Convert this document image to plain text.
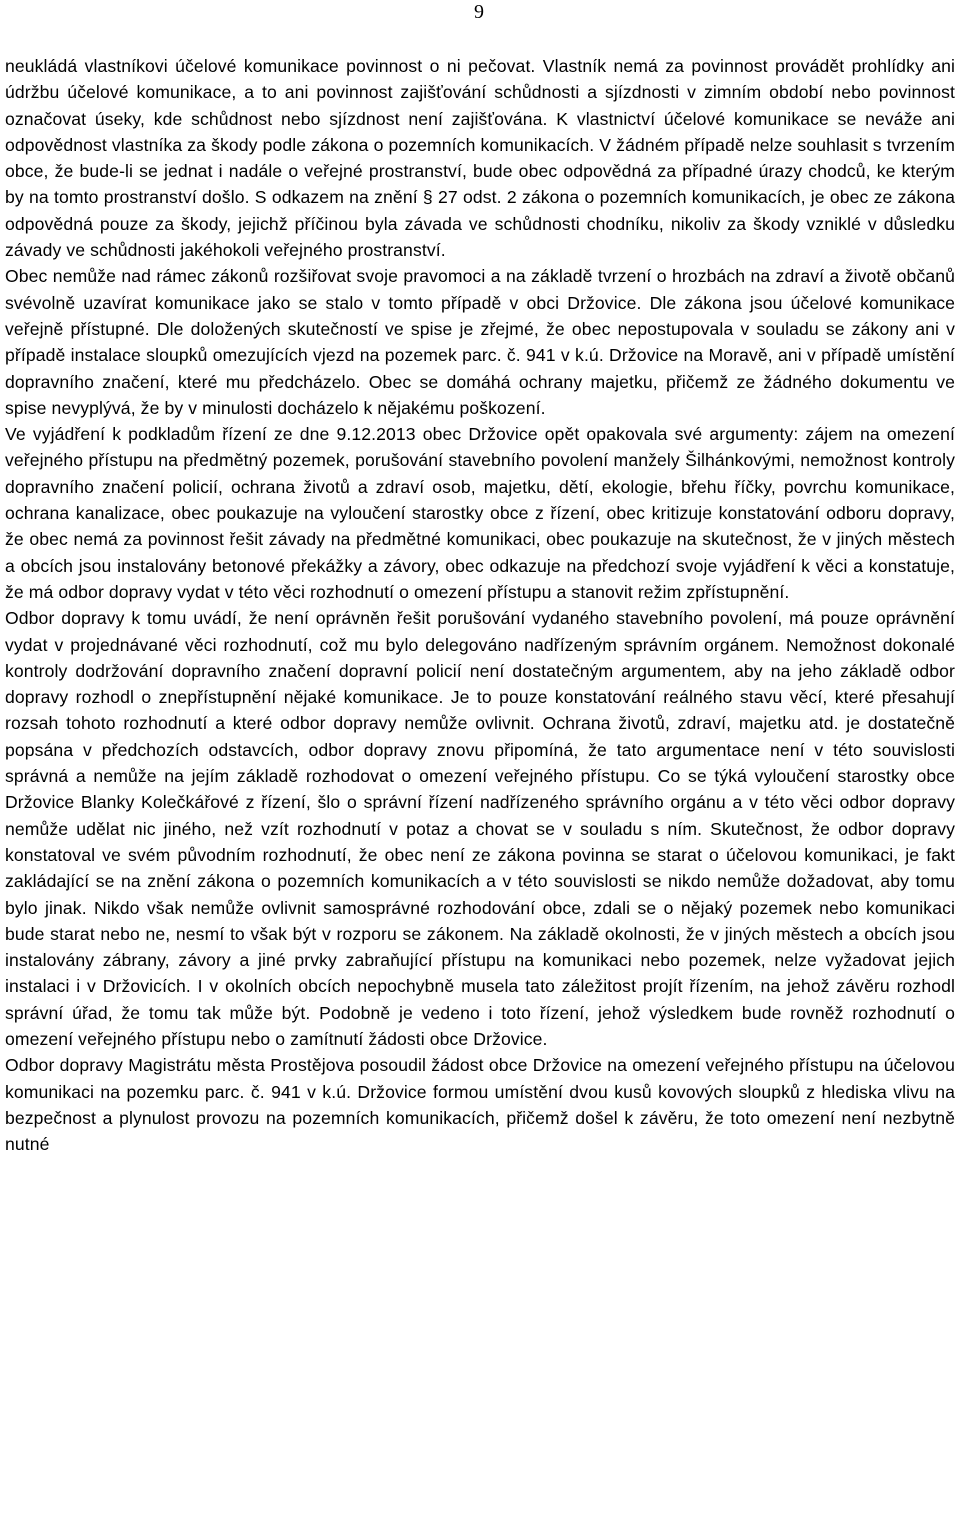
9

neukládá vlastníkovi účelové komunikace povinnost o ni pečovat. Vlastník nemá za povinnost provádět prohlídky ani údržbu účelové komunikace, a to ani povinnost zajišťování schůdnosti a sjízdnosti v zimním období nebo povinnost označovat úseky, kde schůdnost nebo sjízdnost není zajišťována. K vlastnictví účelové komunikace se neváže ani odpovědnost vlastníka za škody podle zákona o pozemních komunikacích. V žádném případě nelze souhlasit s tvrzením obce, že bude-li se jednat i nadále o veřejné prostranství, bude obec odpovědná za případné úrazy chodců, ke kterým by na tomto prostranství došlo. S odkazem na znění § 27 odst. 2 zákona o pozemních komunikacích, je obec ze zákona odpovědná pouze za škody, jejichž příčinou byla závada ve schůdnosti chodníku, nikoliv za škody vzniklé v důsledku závady ve schůdnosti jakéhokoli veřejného prostranství.

Obec nemůže nad rámec zákonů rozšiřovat svoje pravomoci a na základě tvrzení o hrozbách na zdraví a životě občanů svévolně uzavírat komunikace jako se stalo v tomto případě v obci Držovice. Dle zákona jsou účelové komunikace veřejně přístupné. Dle doložených skutečností ve spise je zřejmé, že obec nepostupovala v souladu se zákony ani v případě instalace sloupků omezujících vjezd na pozemek parc. č. 941 v k.ú. Držovice na Moravě, ani v případě umístění dopravního značení, které mu předcházelo. Obec se domáhá ochrany majetku, přičemž ze žádného dokumentu ve spise nevyplývá, že by v minulosti docházelo k nějakému poškození.

Ve vyjádření k podkladům řízení ze dne 9.12.2013 obec Držovice opět opakovala své argumenty: zájem na omezení veřejného přístupu na předmětný pozemek, porušování stavebního povolení manžely Šilhánkovými, nemožnost kontroly dopravního značení policií, ochrana životů a zdraví osob, majetku, dětí, ekologie, břehu říčky, povrchu komunikace, ochrana kanalizace, obec poukazuje na vyloučení starostky obce z řízení, obec kritizuje konstatování odboru dopravy, že obec nemá za povinnost řešit závady na předmětné komunikaci, obec poukazuje na skutečnost, že v jiných městech a obcích jsou instalovány betonové překážky a závory, obec odkazuje na předchozí svoje vyjádření k věci a konstatuje, že má odbor dopravy vydat v této věci rozhodnutí o omezení přístupu a stanovit režim zpřístupnění.

Odbor dopravy k tomu uvádí, že není oprávněn řešit porušování vydaného stavebního povolení, má pouze oprávnění vydat v projednávané věci rozhodnutí, což mu bylo delegováno nadřízeným správním orgánem. Nemožnost dokonalé kontroly dodržování dopravního značení dopravní policií není dostatečným argumentem, aby na jeho základě odbor dopravy rozhodl o znepřístupnění nějaké komunikace. Je to pouze konstatování reálného stavu věcí, které přesahují rozsah tohoto rozhodnutí a které odbor dopravy nemůže ovlivnit. Ochrana životů, zdraví, majetku atd. je dostatečně popsána v předchozích odstavcích, odbor dopravy znovu připomíná, že tato argumentace není v této souvislosti správná a nemůže na jejím základě rozhodovat o omezení veřejného přístupu. Co se týká vyloučení starostky obce Držovice Blanky Kolečkářové z řízení, šlo o správní řízení nadřízeného správního orgánu a v této věci odbor dopravy nemůže udělat nic jiného, než vzít rozhodnutí v potaz a chovat se v souladu s ním. Skutečnost, že odbor dopravy konstatoval ve svém původním rozhodnutí, že obec není ze zákona povinna se starat o účelovou komunikaci, je fakt zakládající se na znění zákona o pozemních komunikacích a v této souvislosti se nikdo nemůže dožadovat, aby tomu bylo jinak. Nikdo však nemůže ovlivnit samosprávné rozhodování obce, zdali se o nějaký pozemek nebo komunikaci bude starat nebo ne, nesmí to však být v rozporu se zákonem. Na základě okolnosti, že v jiných městech a obcích jsou instalovány zábrany, závory a jiné prvky zabraňující přístupu na komunikaci nebo pozemek, nelze vyžadovat jejich instalaci i v Držovicích. I v okolních obcích nepochybně musela tato záležitost projít řízením, na jehož závěru rozhodl správní úřad, že tomu tak může být. Podobně je vedeno i toto řízení, jehož výsledkem bude rovněž rozhodnutí o omezení veřejného přístupu nebo o zamítnutí žádosti obce Držovice.

Odbor dopravy Magistrátu města Prostějova posoudil žádost obce Držovice na omezení veřejného přístupu na účelovou komunikaci na pozemku parc. č. 941 v k.ú. Držovice formou umístění dvou kusů kovových sloupků z hlediska vlivu na bezpečnost a plynulost provozu na pozemních komunikacích, přičemž došel k závěru, že toto omezení není nezbytně nutné
